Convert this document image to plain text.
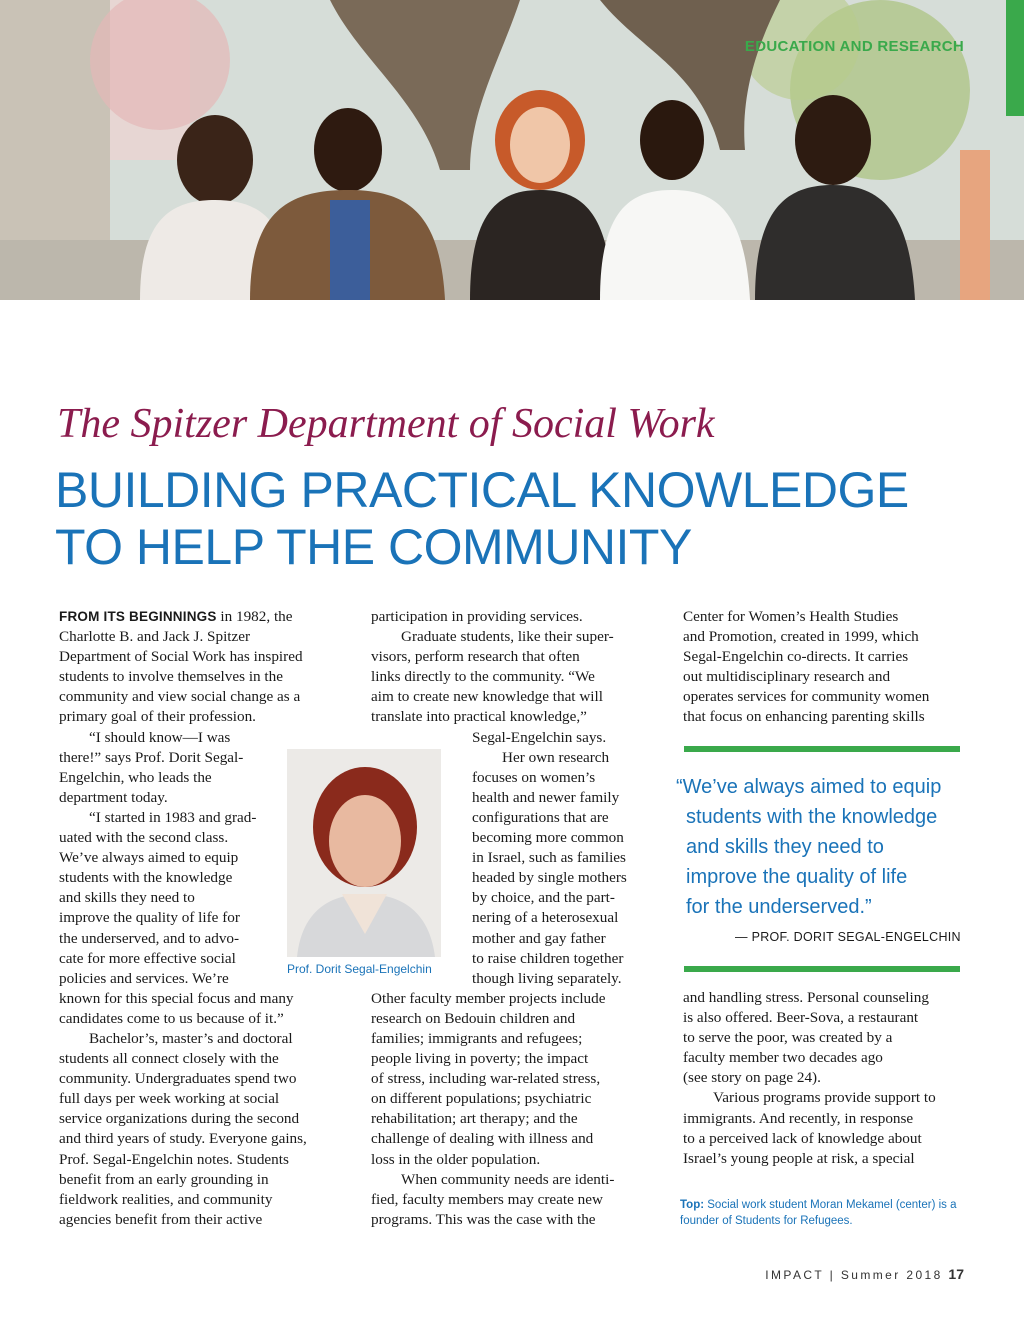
EDUCATION AND RESEARCH
The Spitzer Department of Social Work
BUILDING PRACTICAL KNOWLEDGE
TO HELP THE COMMUNITY

FROM ITS BEGINNINGS in 1982, the
Charlotte B. and Jack J. Spitzer
Department of Social Work has inspired
students to involve themselves in the
community and view social change as a
primary goal of their profession.

“I should know—I was
there!” says Prof. Dorit Segal-
Engelchin, who leads the
department today.

“I started in 1983 and grad-
uated with the second class.
We’ve always aimed to equip
students with the knowledge
and skills they need to
improve the quality of life for
the underserved, and to advo-
cate for more effective social
policies and services. We’re
known for this special focus and many
candidates come to us because of it.”

Bachelor’s, master’s and doctoral
students all connect closely with the
community. Undergraduates spend two
full days per week working at social
service organizations during the second
and third years of study. Everyone gains,
Prof. Segal-Engelchin notes. Students
benefit from an early grounding in
fieldwork realities, and community
agencies benefit from their active

Prof. Dorit Segal-Engelchin

participation in providing services.

Graduate students, like their super-
visors, perform research that often
links directly to the community. “We
aim to create new knowledge that will
translate into practical knowledge,”

Segal-Engelchin says.

Her own research

focuses on women’s
health and newer family
configurations that are
becoming more common
in Israel, such as families
headed by single mothers
by choice, and the part-
nering of a heterosexual
mother and gay father
to raise children together
though living separately.

Other faculty member projects include
research on Bedouin children and
families; immigrants and refugees;
people living in poverty; the impact
of stress, including war-related stress,
on different populations; psychiatric
rehabilitation; art therapy; and the
challenge of dealing with illness and
loss in the older population.

When community needs are identi-
fied, faculty members may create new
programs. This was the case with the

Center for Women’s Health Studies
and Promotion, created in 1999, which
Segal-Engelchin co-directs. It carries
out multidisciplinary research and
operates services for community women
that focus on enhancing parenting skills

“We’ve always aimed to equip
students with the knowledge
and skills they need to
improve the quality of life
for the underserved.”
— PROF. DORIT SEGAL-ENGELCHIN

and handling stress. Personal counseling
is also offered. Beer-Sova, a restaurant
to serve the poor, was created by a
faculty member two decades ago
(see story on page 24).

Various programs provide support to
immigrants. And recently, in response
to a perceived lack of knowledge about
Israel’s young people at risk, a special

Top: Social work student Moran Mekamel (center) is a founder of Students for Refugees.
IMPACT | Summer 2018 17
